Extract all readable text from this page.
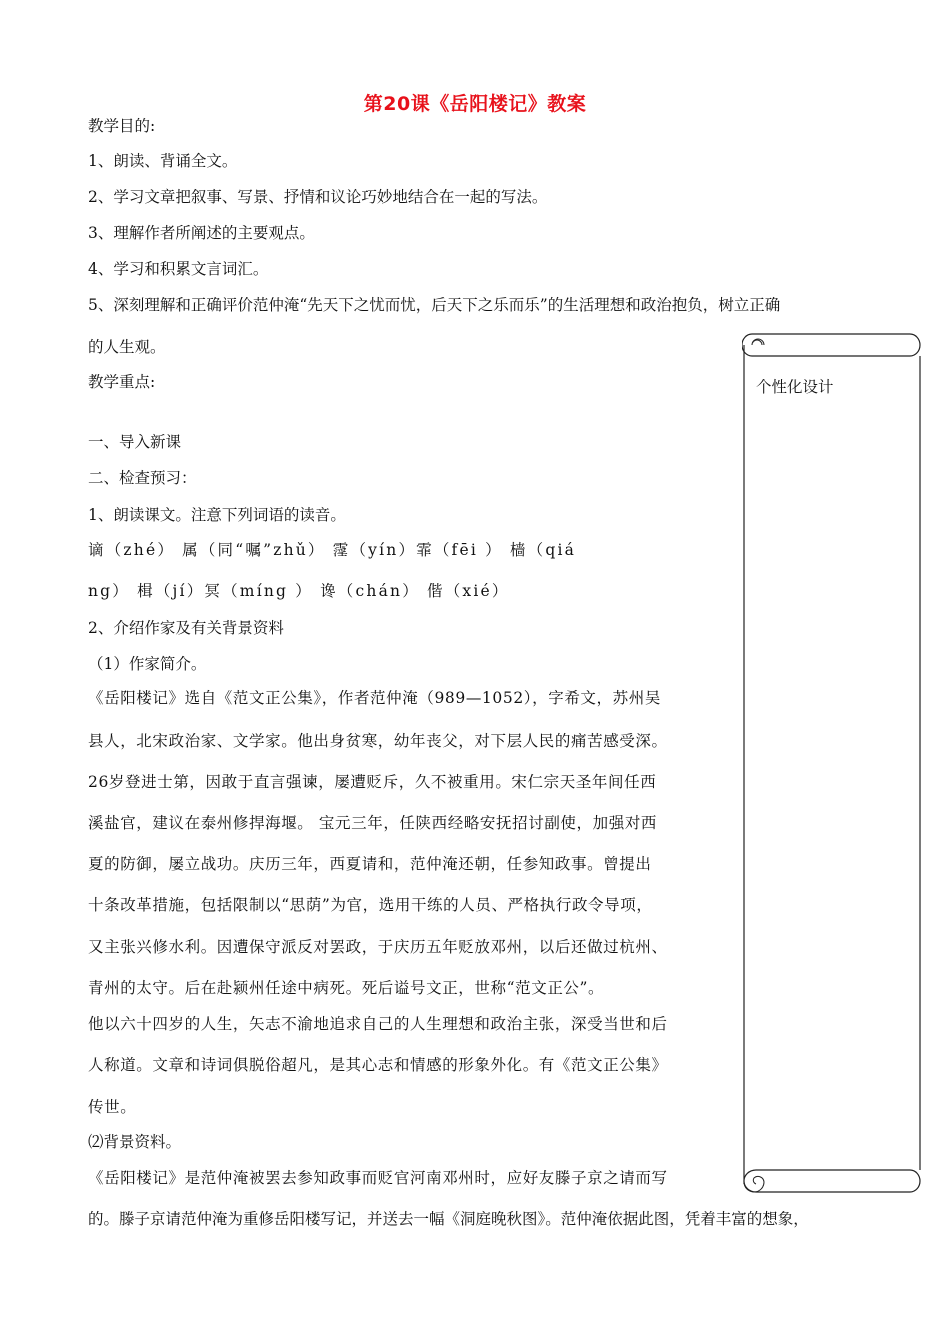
第20课《岳阳楼记》教案
教学目的:
1、朗读、背诵全文。
2、学习文章把叙事、写景、抒情和议论巧妙地结合在一起的写法。
3、理解作者所阐述的主要观点。
4、学习和积累文言词汇。
5、深刻理解和正确评价范仲淹“先天下之忧而忧，后天下之乐而乐”的生活理想和政治抱负，树立正确
的人生观。
教学重点:
一、导入新课
二、检查预习：
1、朗读课文。注意下列词语的读音。
谪（zhé） 属（同“嘱”zhǔ） 霪（yín）霏（fēi ） 樯（qiá
ng） 楫（jí）冥（míng ） 谗（chán） 偕（xié）
2、介绍作家及有关背景资料
（1）作家简介。
《岳阳楼记》选自《范文正公集》，作者范仲淹（989—1052），字希文，苏州吴
县人，北宋政治家、文学家。他出身贫寒，幼年丧父，对下层人民的痛苦感受深。
26岁登进士第，因敢于直言强谏，屡遭贬斥，久不被重用。宋仁宗天圣年间任西
溪盐官，建议在泰州修捍海堰。 宝元三年，任陕西经略安抚招讨副使，加强对西
夏的防御，屡立战功。庆历三年，西夏请和，范仲淹还朝，任参知政事。曾提出
十条改革措施，包括限制以“思荫”为官，选用干练的人员、严格执行政令导项，
又主张兴修水利。因遭保守派反对罢政，于庆历五年贬放邓州，以后还做过杭州、
青州的太守。后在赴颍州任途中病死。死后谥号文正，世称“范文正公”。
他以六十四岁的人生，矢志不渝地追求自己的人生理想和政治主张，深受当世和后
人称道。文章和诗词俱脱俗超凡，是其心志和情感的形象外化。有《范文正公集》
传世。
⑵背景资料。
《岳阳楼记》是范仲淹被罢去参知政事而贬官河南邓州时，应好友滕子京之请而写
的。滕子京请范仲淹为重修岳阳楼写记，并送去一幅《洞庭晚秋图》。范仲淹依据此图，凭着丰富的想象，
个性化设计
